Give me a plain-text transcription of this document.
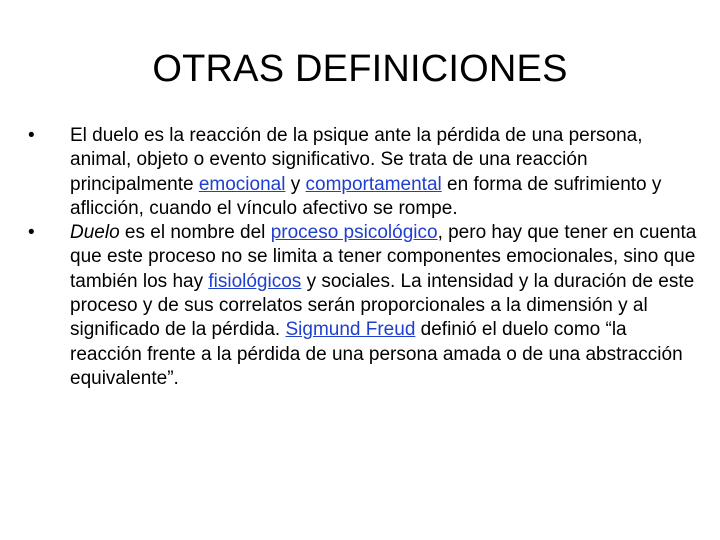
OTRAS DEFINICIONES

•	El duelo es la reacción de la psique ante la pérdida de una persona, animal, objeto o evento significativo. Se trata de una reacción principalmente emocional y comportamental en forma de sufrimiento y aflicción, cuando el vínculo afectivo se rompe.

•	Duelo es el nombre del proceso psicológico, pero hay que tener en cuenta que este proceso no se limita a tener componentes emocionales, sino que también los hay fisiológicos y sociales. La intensidad y la duración de este proceso y de sus correlatos serán proporcionales a la dimensión y al significado de la pérdida. Sigmund Freud definió el duelo como “la reacción frente a la pérdida de una persona amada o de una abstracción equivalente”.
